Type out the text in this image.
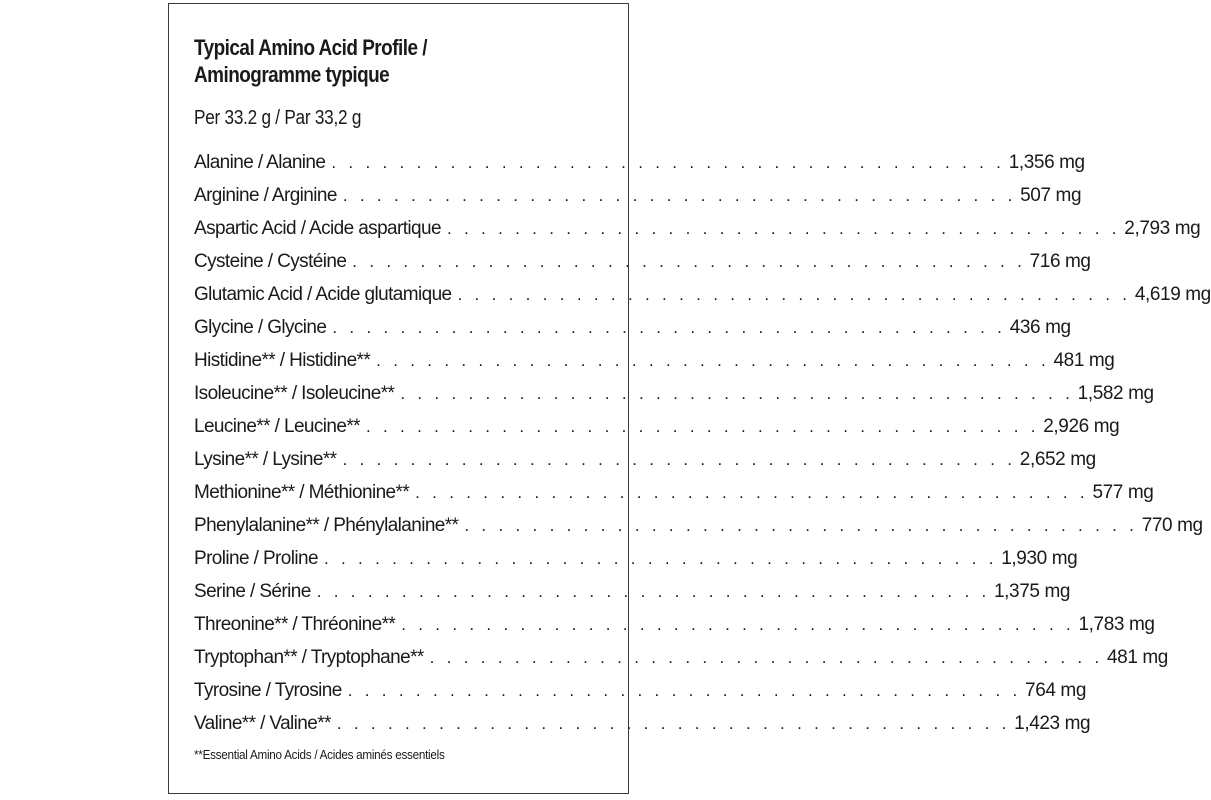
Typical Amino Acid Profile /
Aminogramme typique
Per 33.2 g / Par 33,2 g
Alanine / Alanine . . . . . . . . . . . . . . . . . . . . . . . . . . . . . . . . . . . . . . . . 1,356 mg
Arginine / Arginine . . . . . . . . . . . . . . . . . . . . . . . . . . . . . . . . . . . . . . . . 507 mg
Aspartic Acid / Acide aspartique . . . . . . . . . . . . . . . . . . . . . . . . . . . . . . . . . . . . . . . . 2,793 mg
Cysteine / Cystéine . . . . . . . . . . . . . . . . . . . . . . . . . . . . . . . . . . . . . . . . 716 mg
Glutamic Acid / Acide glutamique . . . . . . . . . . . . . . . . . . . . . . . . . . . . . . . . . . . . . . . . 4,619 mg
Glycine / Glycine . . . . . . . . . . . . . . . . . . . . . . . . . . . . . . . . . . . . . . . . 436 mg
Histidine** / Histidine** . . . . . . . . . . . . . . . . . . . . . . . . . . . . . . . . . . . . . . . . 481 mg
Isoleucine** / Isoleucine** . . . . . . . . . . . . . . . . . . . . . . . . . . . . . . . . . . . . . . . . 1,582 mg
Leucine** / Leucine** . . . . . . . . . . . . . . . . . . . . . . . . . . . . . . . . . . . . . . . . 2,926 mg
Lysine** / Lysine** . . . . . . . . . . . . . . . . . . . . . . . . . . . . . . . . . . . . . . . . 2,652 mg
Methionine** / Méthionine** . . . . . . . . . . . . . . . . . . . . . . . . . . . . . . . . . . . . . . . . 577 mg
Phenylalanine** / Phénylalanine** . . . . . . . . . . . . . . . . . . . . . . . . . . . . . . . . . . . . . . . . 770 mg
Proline / Proline . . . . . . . . . . . . . . . . . . . . . . . . . . . . . . . . . . . . . . . . 1,930 mg
Serine / Sérine . . . . . . . . . . . . . . . . . . . . . . . . . . . . . . . . . . . . . . . . 1,375 mg
Threonine** / Thréonine** . . . . . . . . . . . . . . . . . . . . . . . . . . . . . . . . . . . . . . . . 1,783 mg
Tryptophan** / Tryptophane** . . . . . . . . . . . . . . . . . . . . . . . . . . . . . . . . . . . . . . . . 481 mg
Tyrosine / Tyrosine . . . . . . . . . . . . . . . . . . . . . . . . . . . . . . . . . . . . . . . . 764 mg
Valine** / Valine** . . . . . . . . . . . . . . . . . . . . . . . . . . . . . . . . . . . . . . . . 1,423 mg
**Essential Amino Acids / Acides aminés essentiels
